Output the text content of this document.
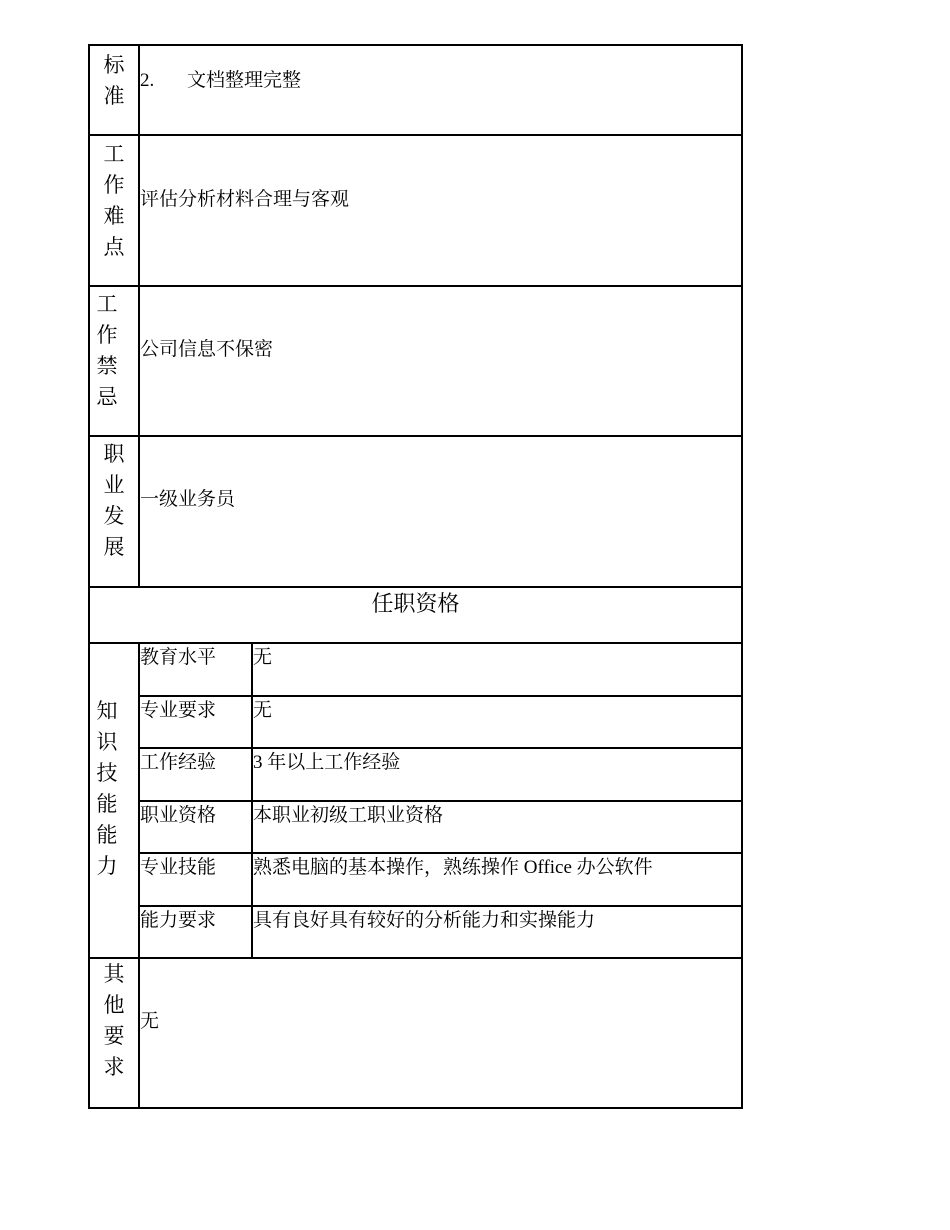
标
准
2. 文档整理完整
工
作
难
点
评估分析材料合理与客观
工
作
禁
忌
公司信息不保密
职
业
发
展
一级业务员
任职资格
知
识
技
能
能
力
教育水平 无
专业要求 无
工作经验 3 年以上工作经验
职业资格 本职业初级工职业资格
专业技能 熟悉电脑的基本操作，熟练操作 Office 办公软件
能力要求 具有良好具有较好的分析能力和实操能力
其
他
要
求
无
